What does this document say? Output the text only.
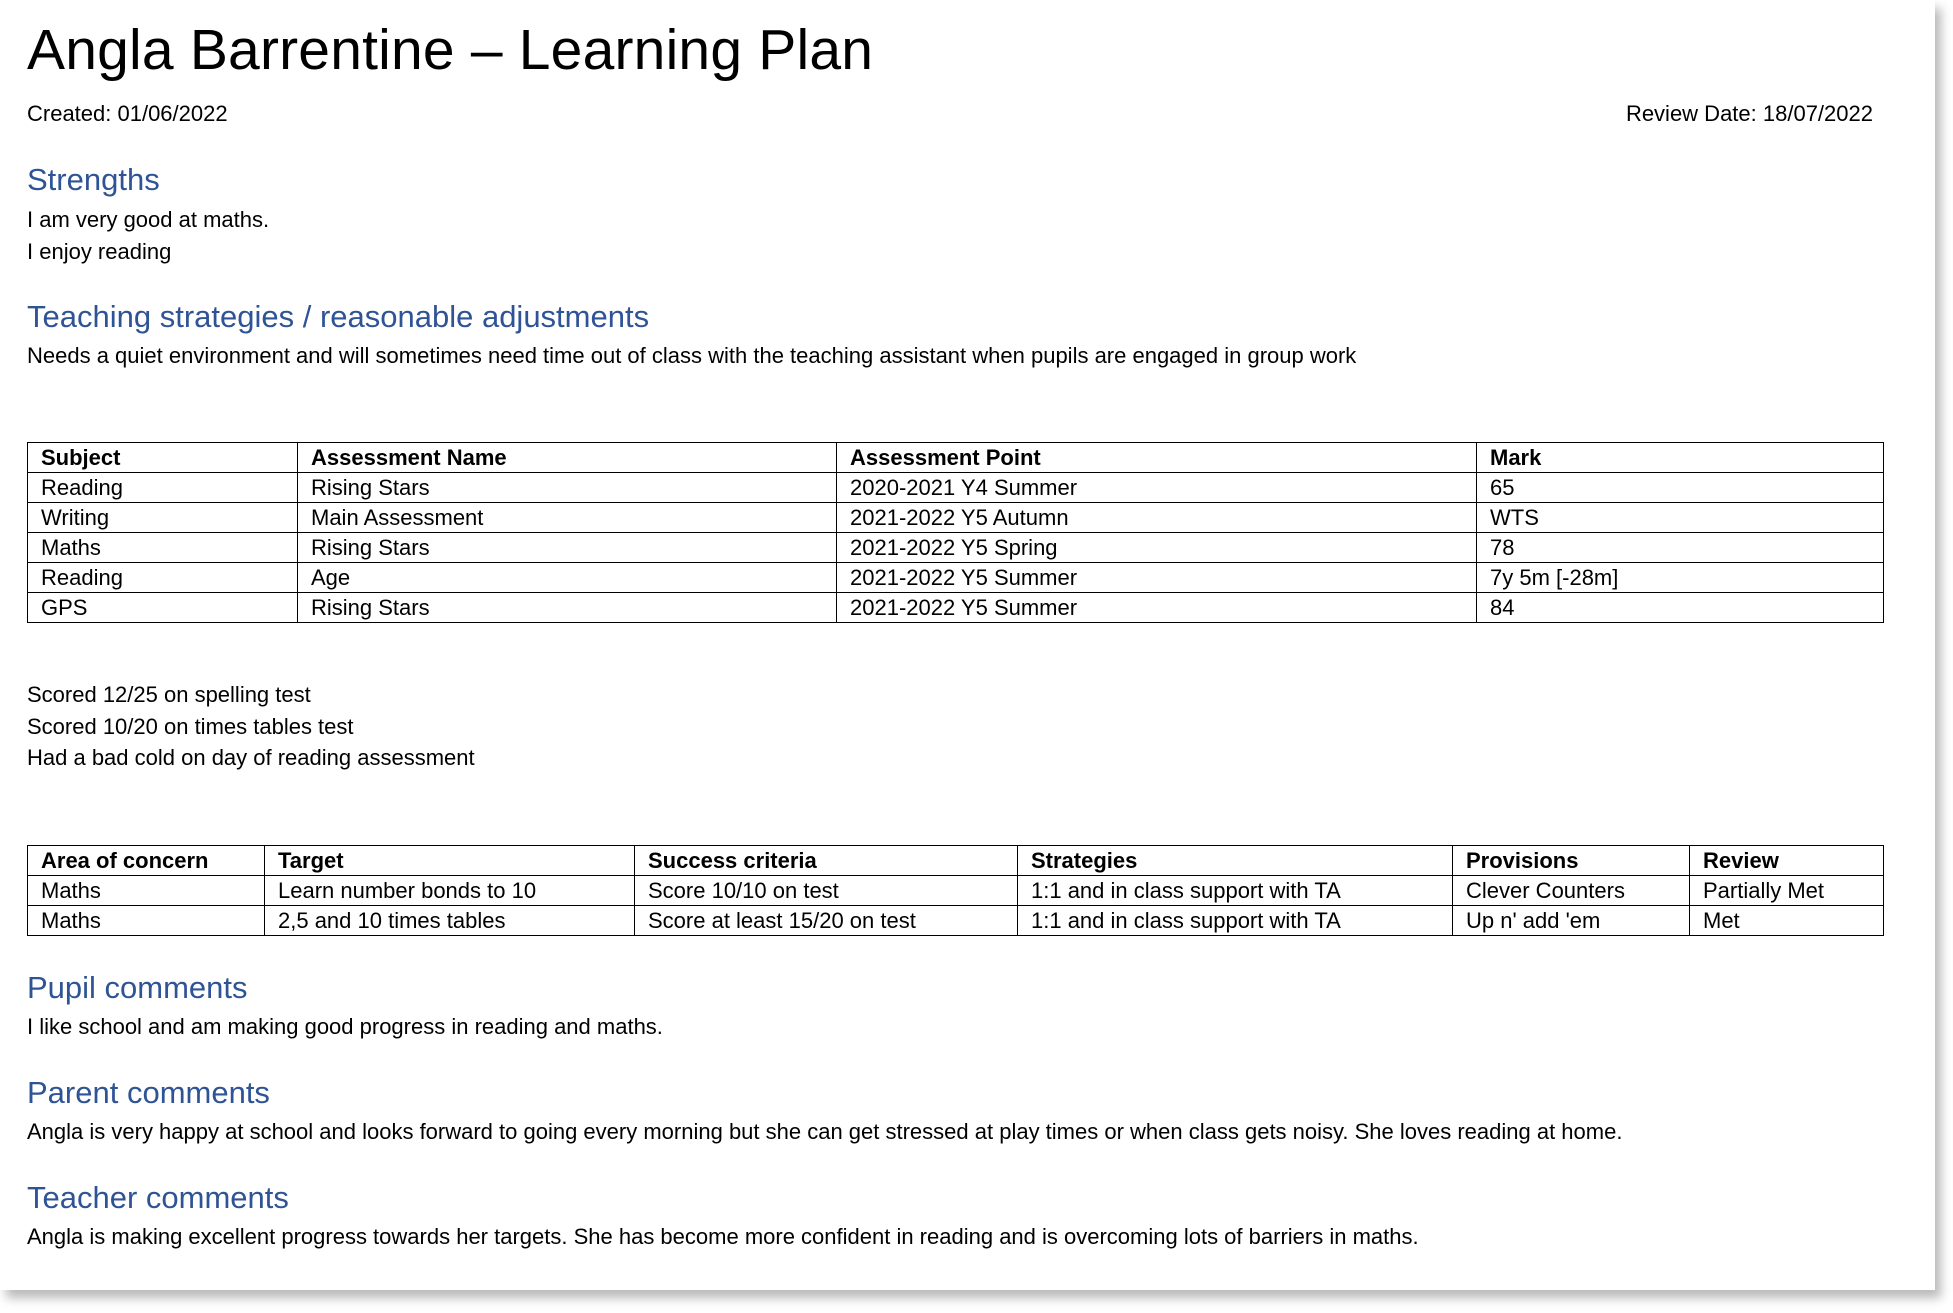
Angla Barrentine – Learning Plan
Created: 01/06/2022	Review Date: 18/07/2022
Strengths
I am very good at maths.
I enjoy reading
Teaching strategies / reasonable adjustments
Needs a quiet environment and will sometimes need time out of class with the teaching assistant when pupils are engaged in group work
Subject	Assessment Name	Assessment Point	Mark
Reading	Rising Stars	2020-2021 Y4 Summer	65
Writing	Main Assessment	2021-2022 Y5 Autumn	WTS
Maths	Rising Stars	2021-2022 Y5 Spring	78
Reading	Age	2021-2022 Y5 Summer	7y 5m [-28m]
GPS	Rising Stars	2021-2022 Y5 Summer	84
Scored 12/25 on spelling test
Scored 10/20 on times tables test
Had a bad cold on day of reading assessment
Area of concern	Target	Success criteria	Strategies	Provisions	Review
Maths	Learn number bonds to 10	Score 10/10 on test	1:1 and in class support with TA	Clever Counters	Partially Met
Maths	2,5 and 10 times tables	Score at least 15/20 on test	1:1 and in class support with TA	Up n' add 'em	Met
Pupil comments
I like school and am making good progress in reading and maths.
Parent comments
Angla is very happy at school and looks forward to going every morning but she can get stressed at play times or when class gets noisy. She loves reading at home.
Teacher comments
Angla is making excellent progress towards her targets. She has become more confident in reading and is overcoming lots of barriers in maths.
